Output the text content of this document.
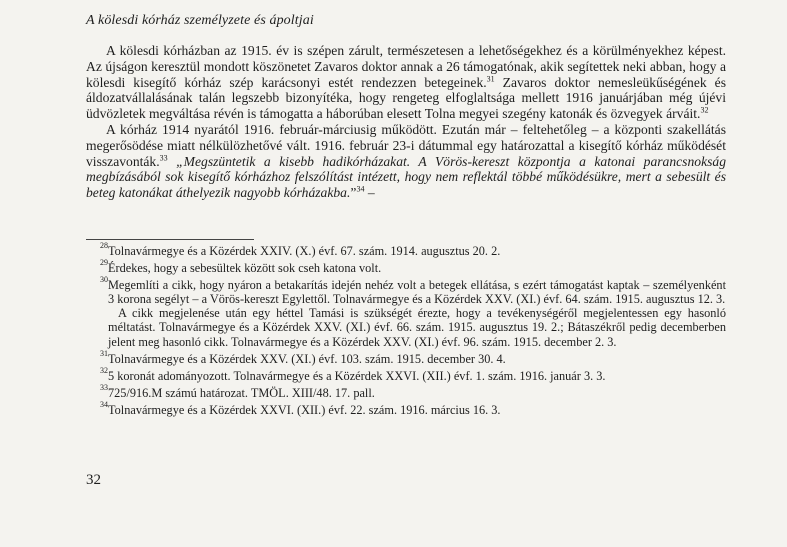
A kölesdi kórház személyzete és ápoltjai

A kölesdi kórházban az 1915. év is szépen zárult, természetesen a lehetőségekhez és a körülményekhez képest. Az újságon keresztül mondott köszönetet Zavaros doktor annak a 26 támogatónak, akik segítettek neki abban, hogy a kölesdi kisegítő kórház szép karácsonyi estét rendezzen betegeinek.$^{31}$ Zavaros doktor nemesleükűségének és áldozatvállalásának talán legszebb bizonyítéka, hogy rengeteg elfoglaltsága mellett 1916 januárjában még újévi üdvözletek megváltása révén is támogatta a háborúban elesett Tolna megyei szegény katonák és özvegyek árváit.$^{32}$

A kórház 1914 nyarától 1916. február-márciusig működött. Ezután már – feltehetőleg – a központi szakellátás megerősödése miatt nélkülözhetővé vált. 1916. február 23-i dátummal egy határozattal a kisegítő kórház működését visszavonták.$^{33}$ „Megszüntetik a kisebb hadikórházakat. A Vörös-kereszt központja a katonai parancsnokság megbízásából sok kisegítő kórházhoz felszólítást intézett, hogy nem reflektál többé működésükre, mert a sebesült és beteg katonákat áthelyezik nagyobb kórházakba.”$^{34}$ –

28 Tolnavármegye és a Közérdek XXIV. (X.) évf. 67. szám. 1914. augusztus 20. 2.

29 Érdekes, hogy a sebesültek között sok cseh katona volt.

30 Megemlíti a cikk, hogy nyáron a betakarítás idején nehéz volt a betegek ellátása, s ezért támogatást kaptak – személyenként 3 korona segélyt – a Vörös-kereszt Egylettől. Tolnavármegye és a Közérdek XXV. (XI.) évf. 64. szám. 1915. augusztus 12. 3.

A cikk megjelenése után egy héttel Tamási is szükségét érezte, hogy a tevékenységéről megjelentessen egy hasonló méltatást. Tolnavármegye és a Közérdek XXV. (XI.) évf. 66. szám. 1915. augusztus 19. 2.; Bátaszékről pedig decemberben jelent meg hasonló cikk. Tolnavármegye és a Közérdek XXV. (XI.) évf. 96. szám. 1915. december 2. 3.

31 Tolnavármegye és a Közérdek XXV. (XI.) évf. 103. szám. 1915. december 30. 4.

32 5 koronát adományozott. Tolnavármegye és a Közérdek XXVI. (XII.) évf. 1. szám. 1916. január 3. 3.

33 725/916.M számú határozat. TMÖL. XIII/48. 17. pall.

34 Tolnavármegye és a Közérdek XXVI. (XII.) évf. 22. szám. 1916. március 16. 3.

32
